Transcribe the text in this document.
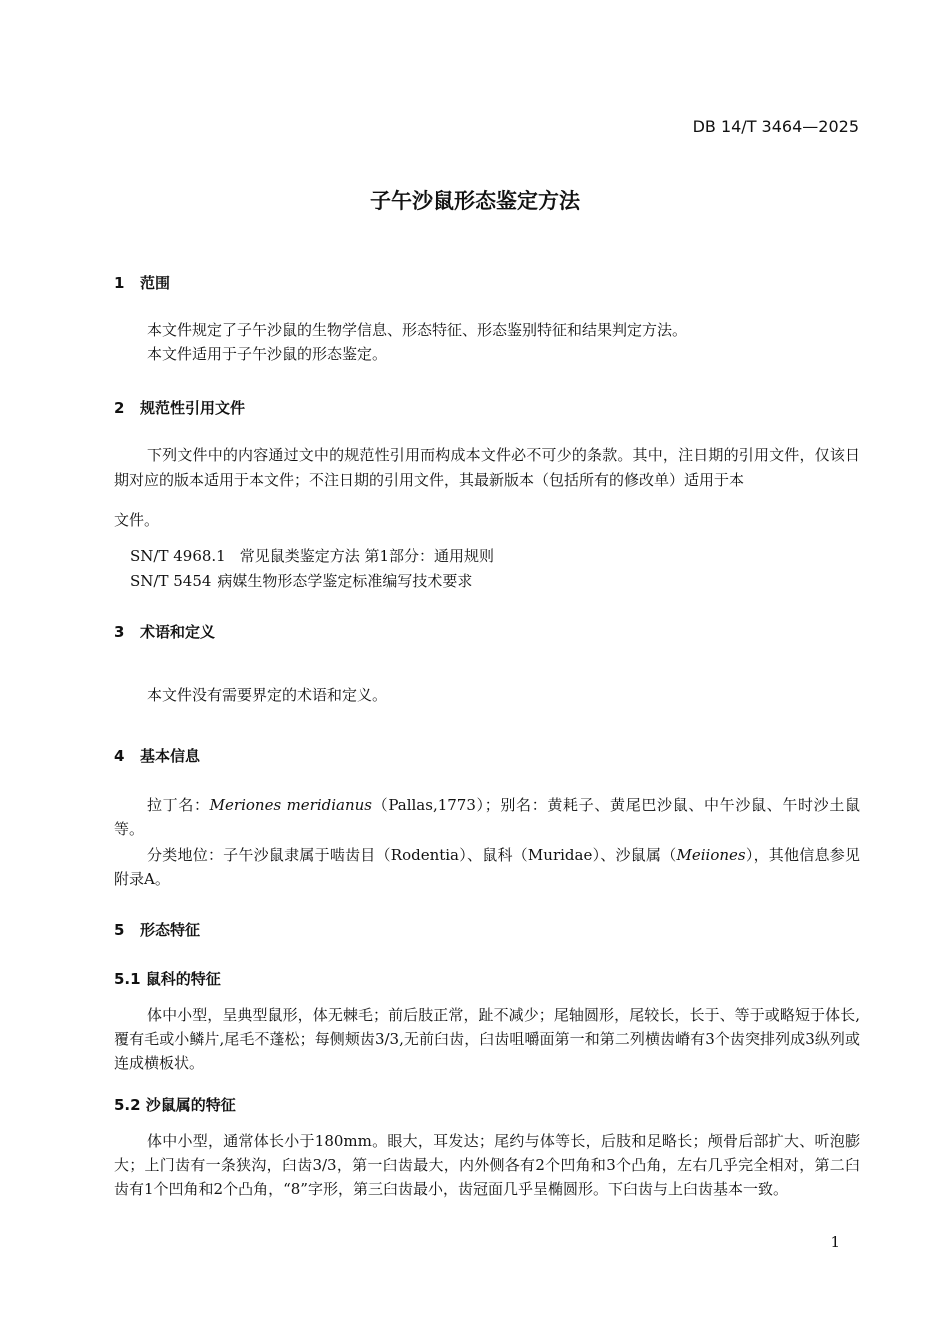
DB 14/T 3464—2025
子午沙鼠形态鉴定方法
1 范围
本文件规定了子午沙鼠的生物学信息、形态特征、形态鉴别特征和结果判定方法。
本文件适用于子午沙鼠的形态鉴定。
2 规范性引用文件
下列文件中的内容通过文中的规范性引用而构成本文件必不可少的条款。其中，注日期的引用文件，仅该日期对应的版本适用于本文件；不注日期的引用文件，其最新版本（包括所有的修改单）适用于本
文件。
SN/T 4968.1 常见鼠类鉴定方法 第1部分：通用规则
SN/T 5454 病媒生物形态学鉴定标准编写技术要求
3 术语和定义
本文件没有需要界定的术语和定义。
4 基本信息
拉丁名：Meriones meridianus（Pallas,1773）；别名：黄耗子、黄尾巴沙鼠、中午沙鼠、午时沙土鼠等。
分类地位：子午沙鼠隶属于啮齿目（Rodentia）、鼠科（Muridae）、沙鼠属（Meiiones），其他信息参见附录A。
5 形态特征
5.1 鼠科的特征
体中小型，呈典型鼠形，体无棘毛；前后肢正常，趾不减少；尾轴圆形，尾较长，长于、等于或略短于体长,覆有毛或小鳞片,尾毛不蓬松；每侧颊齿3/3,无前臼齿，臼齿咀嚼面第一和第二列横齿嵴有3个齿突排列成3纵列或连成横板状。
5.2 沙鼠属的特征
体中小型，通常体长小于180mm。眼大，耳发达；尾约与体等长，后肢和足略长；颅骨后部扩大、听泡膨大；上门齿有一条狭沟，臼齿3/3，第一臼齿最大，内外侧各有2个凹角和3个凸角，左右几乎完全相对，第二臼齿有1个凹角和2个凸角，“8”字形，第三臼齿最小，齿冠面几乎呈椭圆形。下臼齿与上臼齿基本一致。
1
